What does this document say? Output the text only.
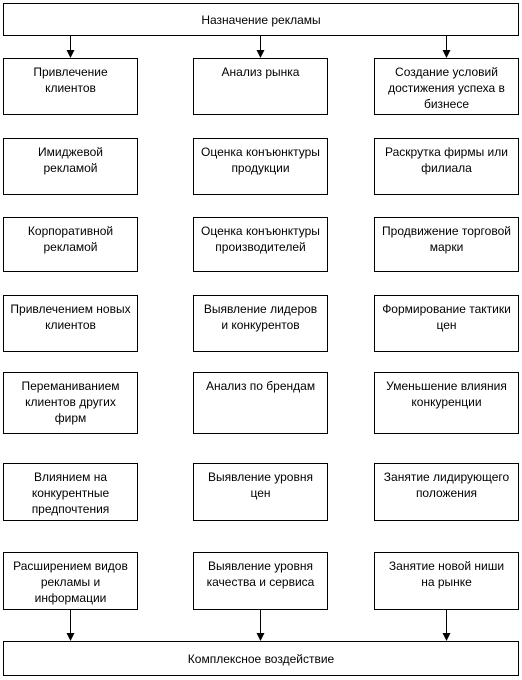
Назначение рекламы
Комплексное воздействие
Привлечение клиентов
Имиджевой рекламой
Корпоративной рекламой
Привлечением новых клиентов
Переманиванием клиентов других фирм
Влиянием на конкурентные предпочтения
Расширением видов рекламы и информации
Анализ рынка
Оценка конъюнктуры продукции
Оценка конъюнктуры производителей
Выявление лидеров и конкурентов
Анализ по брендам
Выявление уровня цен
Выявление уровня качества и сервиса
Создание условий достижения успеха в бизнесе
Раскрутка фирмы или филиала
Продвижение торговой марки
Формирование тактики цен
Уменьшение влияния конкуренции
Занятие лидирующего положения
Занятие новой ниши на рынке
